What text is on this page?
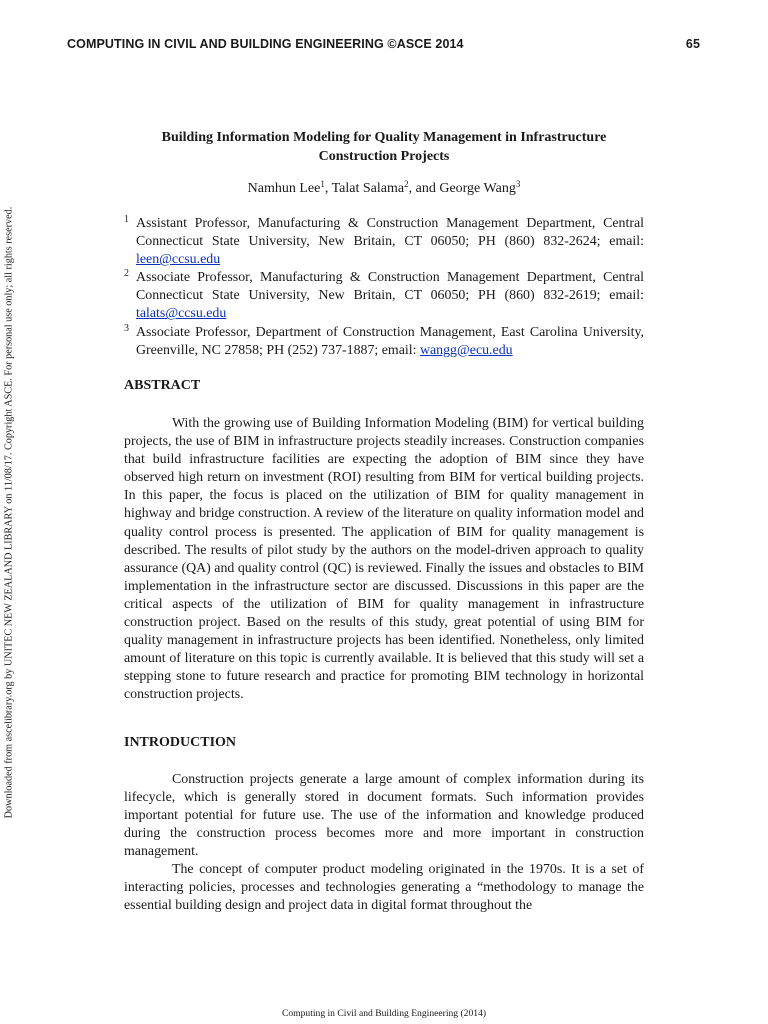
COMPUTING IN CIVIL AND BUILDING ENGINEERING ©ASCE 2014	65
Downloaded from ascelibrary.org by UNITEC NEW ZEALAND LIBRARY on 11/08/17. Copyright ASCE. For personal use only; all rights reserved.
Building Information Modeling for Quality Management in Infrastructure
Construction Projects
Namhun Lee$^1$, Talat Salama$^2$, and George Wang$^3$
1 Assistant Professor, Manufacturing & Construction Management Department, Central Connecticut State University, New Britain, CT 06050; PH (860) 832-2624; email: leen@ccsu.edu
2 Associate Professor, Manufacturing & Construction Management Department, Central Connecticut State University, New Britain, CT 06050; PH (860) 832-2619; email: talats@ccsu.edu
3 Associate Professor, Department of Construction Management, East Carolina University, Greenville, NC 27858; PH (252) 737-1887; email: wangg@ecu.edu
ABSTRACT
With the growing use of Building Information Modeling (BIM) for vertical building projects, the use of BIM in infrastructure projects steadily increases. Construction companies that build infrastructure facilities are expecting the adoption of BIM since they have observed high return on investment (ROI) resulting from BIM for vertical building projects. In this paper, the focus is placed on the utilization of BIM for quality management in highway and bridge construction. A review of the literature on quality information model and quality control process is presented. The application of BIM for quality management is described. The results of pilot study by the authors on the model-driven approach to quality assurance (QA) and quality control (QC) is reviewed. Finally the issues and obstacles to BIM implementation in the infrastructure sector are discussed. Discussions in this paper are the critical aspects of the utilization of BIM for quality management in infrastructure construction project. Based on the results of this study, great potential of using BIM for quality management in infrastructure projects has been identified. Nonetheless, only limited amount of literature on this topic is currently available. It is believed that this study will set a stepping stone to future research and practice for promoting BIM technology in horizontal construction projects.
INTRODUCTION
Construction projects generate a large amount of complex information during its lifecycle, which is generally stored in document formats. Such information provides important potential for future use. The use of the information and knowledge produced during the construction process becomes more and more important in construction management.
The concept of computer product modeling originated in the 1970s. It is a set of interacting policies, processes and technologies generating a “methodology to manage the essential building design and project data in digital format throughout the
Computing in Civil and Building Engineering (2014)
